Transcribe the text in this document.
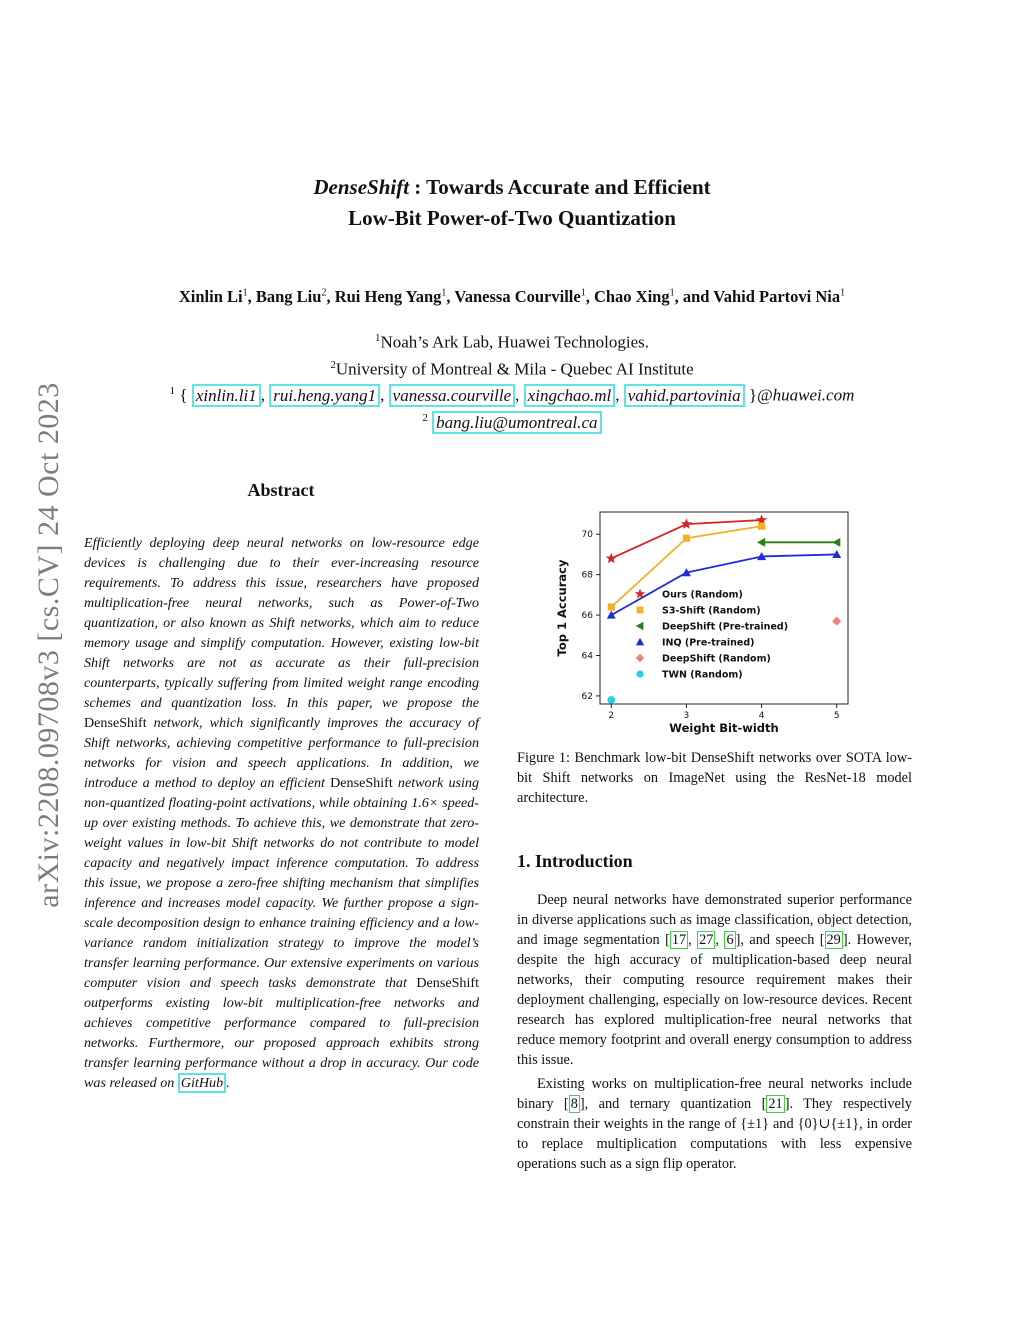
arXiv:2208.09708v3 [cs.CV] 24 Oct 2023
DenseShift : Towards Accurate and Efficient
Low-Bit Power-of-Two Quantization
Xinlin Li$^1$, Bang Liu$^2$, Rui Heng Yang$^1$, Vanessa Courville$^1$, Chao Xing$^1$, and Vahid Partovi Nia$^1$
$^1$Noah’s Ark Lab, Huawei Technologies.
$^2$University of Montreal & Mila - Quebec AI Institute
$^1$ { xinlin.li1 , rui.heng.yang1 , vanessa.courville , xingchao.ml , vahid.partovinia }@huawei.com
$^2$ bang.liu@umontreal.ca
Abstract
Efficiently deploying deep neural networks on low-resource edge devices is challenging due to their ever-increasing resource requirements. To address this issue, researchers have proposed multiplication-free neural networks, such as Power-of-Two quantization, or also known as Shift networks, which aim to reduce memory usage and simplify computation. However, existing low-bit Shift networks are not as accurate as their full-precision counterparts, typically suffering from limited weight range encoding schemes and quantization loss. In this paper, we propose the DenseShift network, which significantly improves the accuracy of Shift networks, achieving competitive performance to full-precision networks for vision and speech applications. In addition, we introduce a method to deploy an efficient DenseShift network using non-quantized floating-point activations, while obtaining 1.6× speed-up over existing methods. To achieve this, we demonstrate that zero-weight values in low-bit Shift networks do not contribute to model capacity and negatively impact inference computation. To address this issue, we propose a zero-free shifting mechanism that simplifies inference and increases model capacity. We further propose a sign-scale decomposition design to enhance training efficiency and a low-variance random initialization strategy to improve the model’s transfer learning performance. Our extensive experiments on various computer vision and speech tasks demonstrate that DenseShift outperforms existing low-bit multiplication-free networks and achieves competitive performance compared to full-precision networks. Furthermore, our proposed approach exhibits strong transfer learning performance without a drop in accuracy. Our code was released on GitHub .
2	3	4	5
62
64
66
68
70
Weight Bit-width
Top 1 Accuracy	Ours (Random)
S3-Shift (Random)
DeepShift (Pre-trained)
INQ (Pre-trained)
DeepShift (Random)
TWN (Random)
Figure 1: Benchmark low-bit DenseShift networks over SOTA low-bit Shift networks on ImageNet using the ResNet-18 model architecture.
1. Introduction

Deep neural networks have demonstrated superior performance in diverse applications such as image classification, object detection, and image segmentation [ 17 , 27 , 6 ], and speech [ 29 ]. However, despite the high accuracy of multiplication-based deep neural networks, their computing resource requirement makes their deployment challenging, especially on low-resource devices. Recent research has explored multiplication-free neural networks that reduce memory footprint and overall energy consumption to address this issue.

Existing works on multiplication-free neural networks include binary [ 8 ], and ternary quantization [ 21 ]. They respectively constrain their weights in the range of {±1} and {0}∪{±1}, in order to replace multiplication computations with less expensive operations such as a sign flip operator.
